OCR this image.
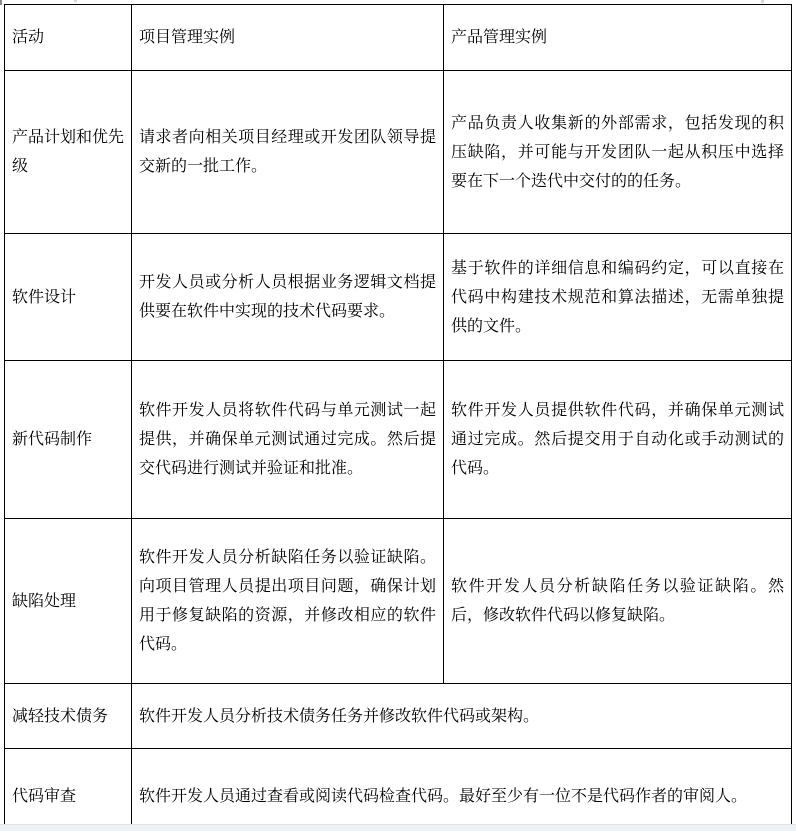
活动	项目管理实例	产品管理实例
产品计划和优先级	请求者向相关项目经理或开发团队领导提交新的一批工作。	产品负责人收集新的外部需求，包括发现的积压缺陷，并可能与开发团队一起从积压中选择要在下一个迭代中交付的的任务。
软件设计	开发人员或分析人员根据业务逻辑文档提供要在软件中实现的技术代码要求。	基于软件的详细信息和编码约定，可以直接在代码中构建技术规范和算法描述，无需单独提供的文件。
新代码制作	软件开发人员将软件代码与单元测试一起提供，并确保单元测试通过完成。然后提交代码进行测试并验证和批准。	软件开发人员提供软件代码，并确保单元测试通过完成。然后提交用于自动化或手动测试的代码。
缺陷处理	软件开发人员分析缺陷任务以验证缺陷。向项目管理人员提出项目问题，确保计划用于修复缺陷的资源，并修改相应的软件代码。	软件开发人员分析缺陷任务以验证缺陷。然后，修改软件代码以修复缺陷。
减轻技术债务	软件开发人员分析技术债务任务并修改软件代码或架构。	
代码审查	软件开发人员通过查看或阅读代码检查代码。最好至少有一位不是代码作者的审阅人。	
